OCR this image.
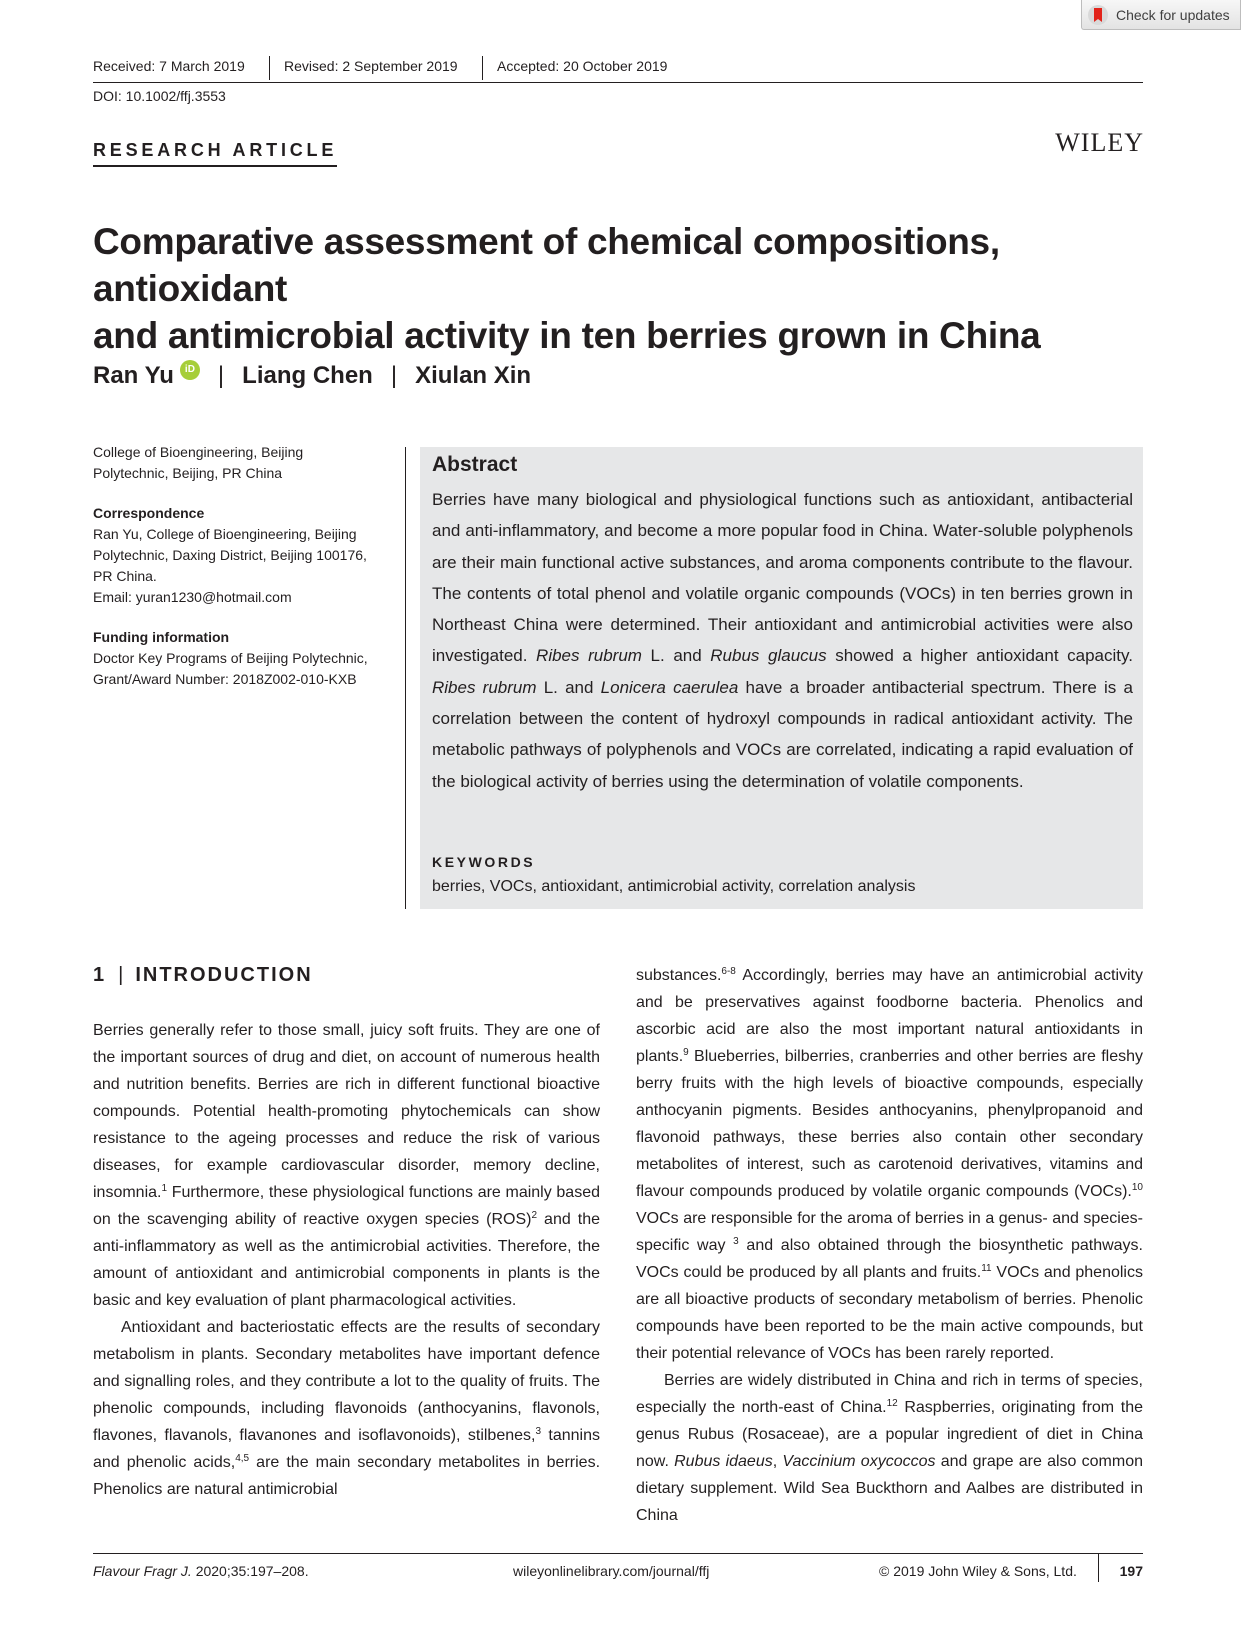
Check for updates
Received: 7 March 2019	Revised: 2 September 2019	Accepted: 20 October 2019
DOI: 10.1002/ffj.3553
RESEARCH ARTICLE	WILEY
Comparative assessment of chemical compositions, antioxidant
and antimicrobial activity in ten berries grown in China
Ran Yu	iD | Liang Chen | Xiulan Xin

College of Bioengineering, Beijing
Polytechnic, Beijing, PR China

Correspondence
Ran Yu, College of Bioengineering, Beijing
Polytechnic, Daxing District, Beijing 100176,
PR China.
Email: yuran1230@hotmail.com

Funding information
Doctor Key Programs of Beijing Polytechnic,
Grant/Award Number: 2018Z002-010-KXB

Abstract
Berries have many biological and physiological functions such as antioxidant, antibacterial and anti-inflammatory, and become a more popular food in China. Water-soluble polyphenols are their main functional active substances, and aroma components contribute to the flavour. The contents of total phenol and volatile organic compounds (VOCs) in ten berries grown in Northeast China were determined. Their antioxidant and antimicrobial activities were also investigated. Ribes rubrum L. and Rubus glaucus showed a higher antioxidant capacity. Ribes rubrum L. and Lonicera caerulea have a broader antibacterial spectrum. There is a correlation between the content of hydroxyl compounds in radical antioxidant activity. The metabolic pathways of polyphenols and VOCs are correlated, indicating a rapid evaluation of the biological activity of berries using the determination of volatile components.
KEYWORDS
berries, VOCs, antioxidant, antimicrobial activity, correlation analysis
1 | INTRODUCTION

Berries generally refer to those small, juicy soft fruits. They are one of the important sources of drug and diet, on account of numerous health and nutrition benefits. Berries are rich in different functional bioactive compounds. Potential health-promoting phytochemicals can show resistance to the ageing processes and reduce the risk of various diseases, for example cardiovascular disorder, memory decline, insomnia.$^1$ Furthermore, these physiological functions are mainly based on the scavenging ability of reactive oxygen species (ROS)$^2$ and the anti-inflammatory as well as the antimicrobial activities. Therefore, the amount of antioxidant and antimicrobial components in plants is the basic and key evaluation of plant pharmacological activities.

Antioxidant and bacteriostatic effects are the results of secondary metabolism in plants. Secondary metabolites have important defence and signalling roles, and they contribute a lot to the quality of fruits. The phenolic compounds, including flavonoids (anthocyanins, flavonols, flavones, flavanols, flavanones and isoflavonoids), stilbenes,$^3$ tannins and phenolic acids,$^{4,5}$ are the main secondary metabolites in berries. Phenolics are natural antimicrobial

substances.$^{6-8}$ Accordingly, berries may have an antimicrobial activity and be preservatives against foodborne bacteria. Phenolics and ascorbic acid are also the most important natural antioxidants in plants.$^9$ Blueberries, bilberries, cranberries and other berries are fleshy berry fruits with the high levels of bioactive compounds, especially anthocyanin pigments. Besides anthocyanins, phenylpropanoid and flavonoid pathways, these berries also contain other secondary metabolites of interest, such as carotenoid derivatives, vitamins and flavour compounds produced by volatile organic compounds (VOCs).$^{10}$ VOCs are responsible for the aroma of berries in a genus- and species-specific way $^3$ and also obtained through the biosynthetic pathways. VOCs could be produced by all plants and fruits.$^{11}$ VOCs and phenolics are all bioactive products of secondary metabolism of berries. Phenolic compounds have been reported to be the main active compounds, but their potential relevance of VOCs has been rarely reported.

Berries are widely distributed in China and rich in terms of species, especially the north-east of China.$^{12}$ Raspberries, originating from the genus Rubus (Rosaceae), are a popular ingredient of diet in China now. Rubus idaeus, Vaccinium oxycoccos and grape are also common dietary supplement. Wild Sea Buckthorn and Aalbes are distributed in China

Flavour Fragr J. 2020;35:197–208.	wileyonlinelibrary.com/journal/ffj	© 2019 John Wiley & Sons, Ltd.	197
